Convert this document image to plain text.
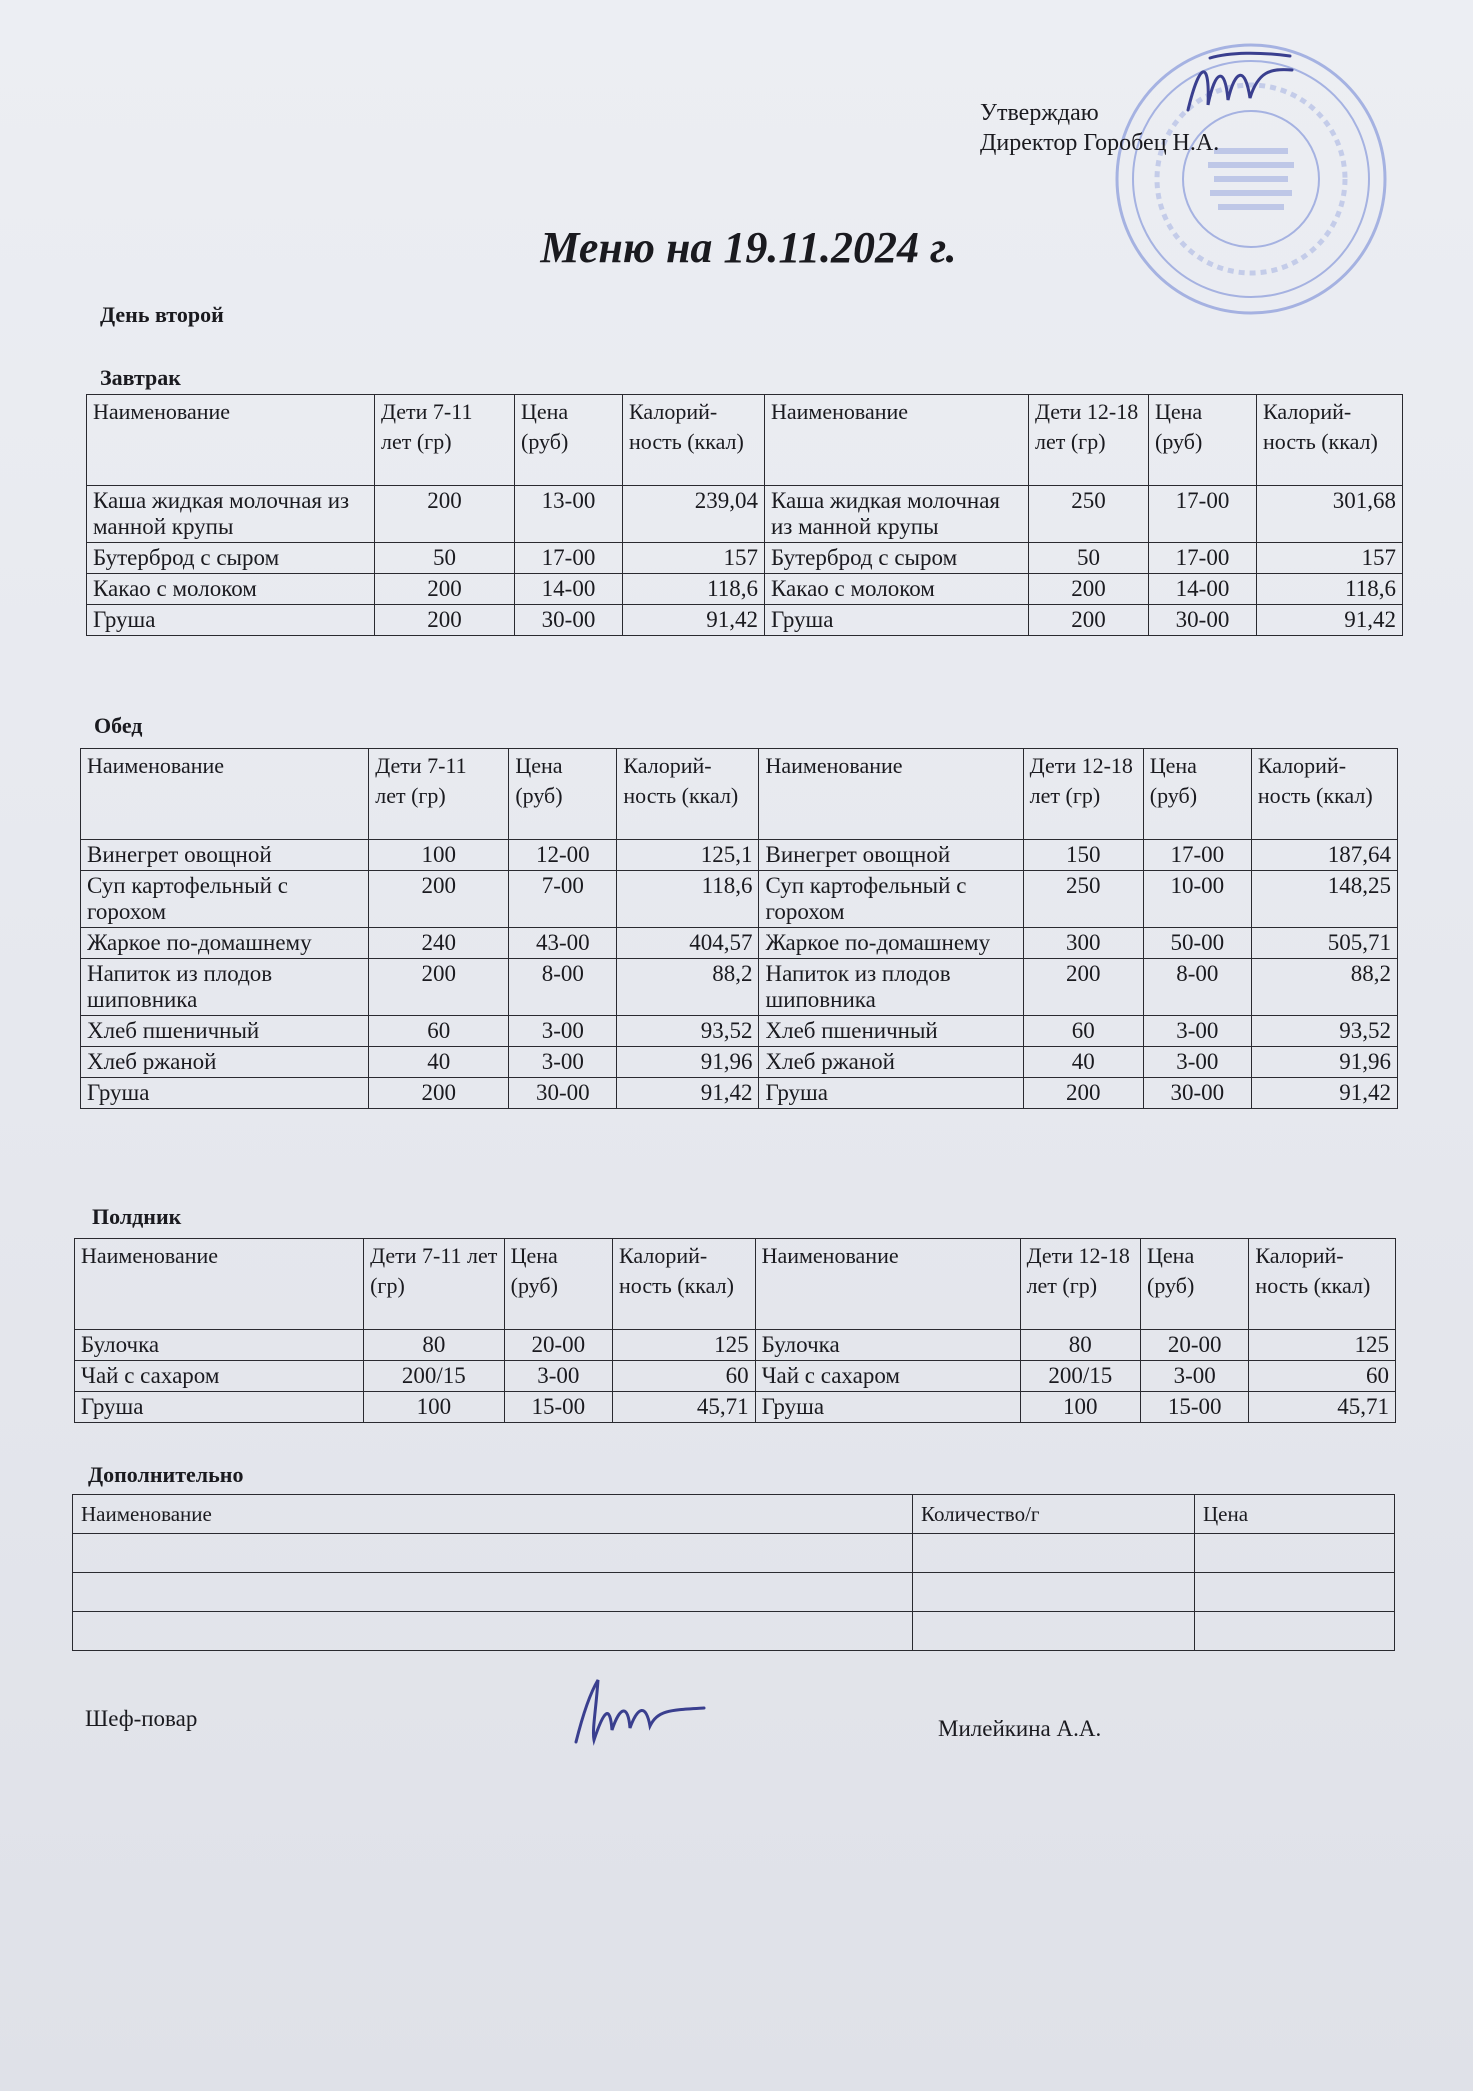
Утверждаю
Директор Горобец Н.А.
Меню на 19.11.2024 г.
День второй
Завтрак
Наименование	Дети 7-11 лет (гр)	Цена (руб)	Калорий-ность (ккал)	Наименование	Дети 12-18 лет (гр)	Цена (руб)	Калорий-ность (ккал)
Каша жидкая молочная из манной крупы	200	13-00	239,04	Каша жидкая молочная из манной крупы	250	17-00	301,68
Бутерброд с сыром	50	17-00	157	Бутерброд с сыром	50	17-00	157
Какао с молоком	200	14-00	118,6	Какао с молоком	200	14-00	118,6
Груша	200	30-00	91,42	Груша	200	30-00	91,42
Обед
Наименование	Дети 7-11 лет (гр)	Цена (руб)	Калорий-ность (ккал)	Наименование	Дети 12-18 лет (гр)	Цена (руб)	Калорий-ность (ккал)
Винегрет овощной	100	12-00	125,1	Винегрет овощной	150	17-00	187,64
Суп картофельный с горохом	200	7-00	118,6	Суп картофельный с горохом	250	10-00	148,25
Жаркое по-домашнему	240	43-00	404,57	Жаркое по-домашнему	300	50-00	505,71
Напиток из плодов шиповника	200	8-00	88,2	Напиток из плодов шиповника	200	8-00	88,2
Хлеб пшеничный	60	3-00	93,52	Хлеб пшеничный	60	3-00	93,52
Хлеб ржаной	40	3-00	91,96	Хлеб ржаной	40	3-00	91,96
Груша	200	30-00	91,42	Груша	200	30-00	91,42
Полдник
Наименование	Дети 7-11 лет (гр)	Цена (руб)	Калорий-ность (ккал)	Наименование	Дети 12-18 лет (гр)	Цена (руб)	Калорий-ность (ккал)
Булочка	80	20-00	125	Булочка	80	20-00	125
Чай с сахаром	200/15	3-00	60	Чай с сахаром	200/15	3-00	60
Груша	100	15-00	45,71	Груша	100	15-00	45,71
Дополнительно
Наименование	Количество/г	Цена

Шеф-повар	Милейкина А.А.
